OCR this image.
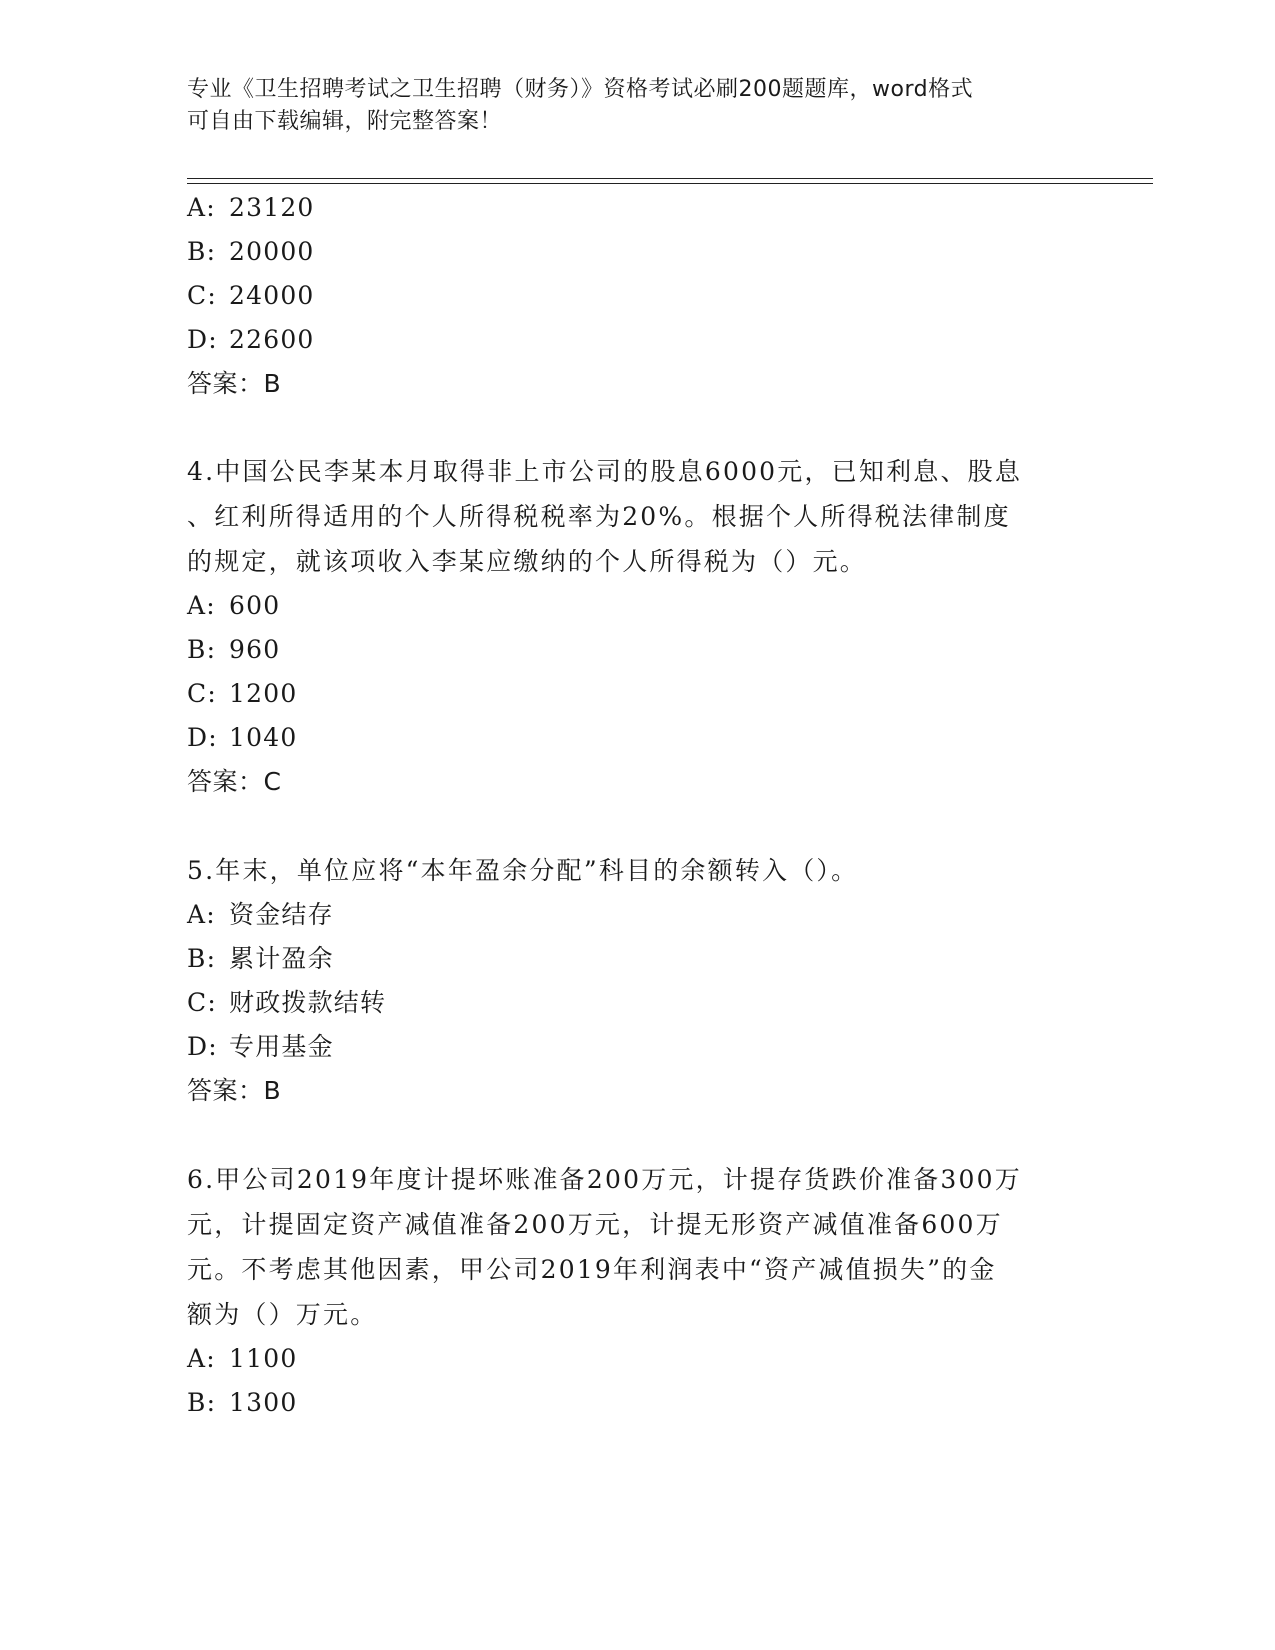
专业《卫生招聘考试之卫生招聘（财务）》资格考试必刷200题题库，word格式
可自由下载编辑，附完整答案！
A: 23120
B: 20000
C: 24000
D: 22600
答案：B
4.中国公民李某本月取得非上市公司的股息6000元，已知利息、股息
、红利所得适用的个人所得税税率为20%。根据个人所得税法律制度
的规定，就该项收入李某应缴纳的个人所得税为（）元。
A: 600
B: 960
C: 1200
D: 1040
答案：C
5.年末，单位应将“本年盈余分配”科目的余额转入（）。
A: 资金结存
B: 累计盈余
C: 财政拨款结转
D: 专用基金
答案：B
6.甲公司2019年度计提坏账准备200万元，计提存货跌价准备300万
元，计提固定资产减值准备200万元，计提无形资产减值准备600万
元。不考虑其他因素，甲公司2019年利润表中“资产减值损失”的金
额为（）万元。
A: 1100
B: 1300
